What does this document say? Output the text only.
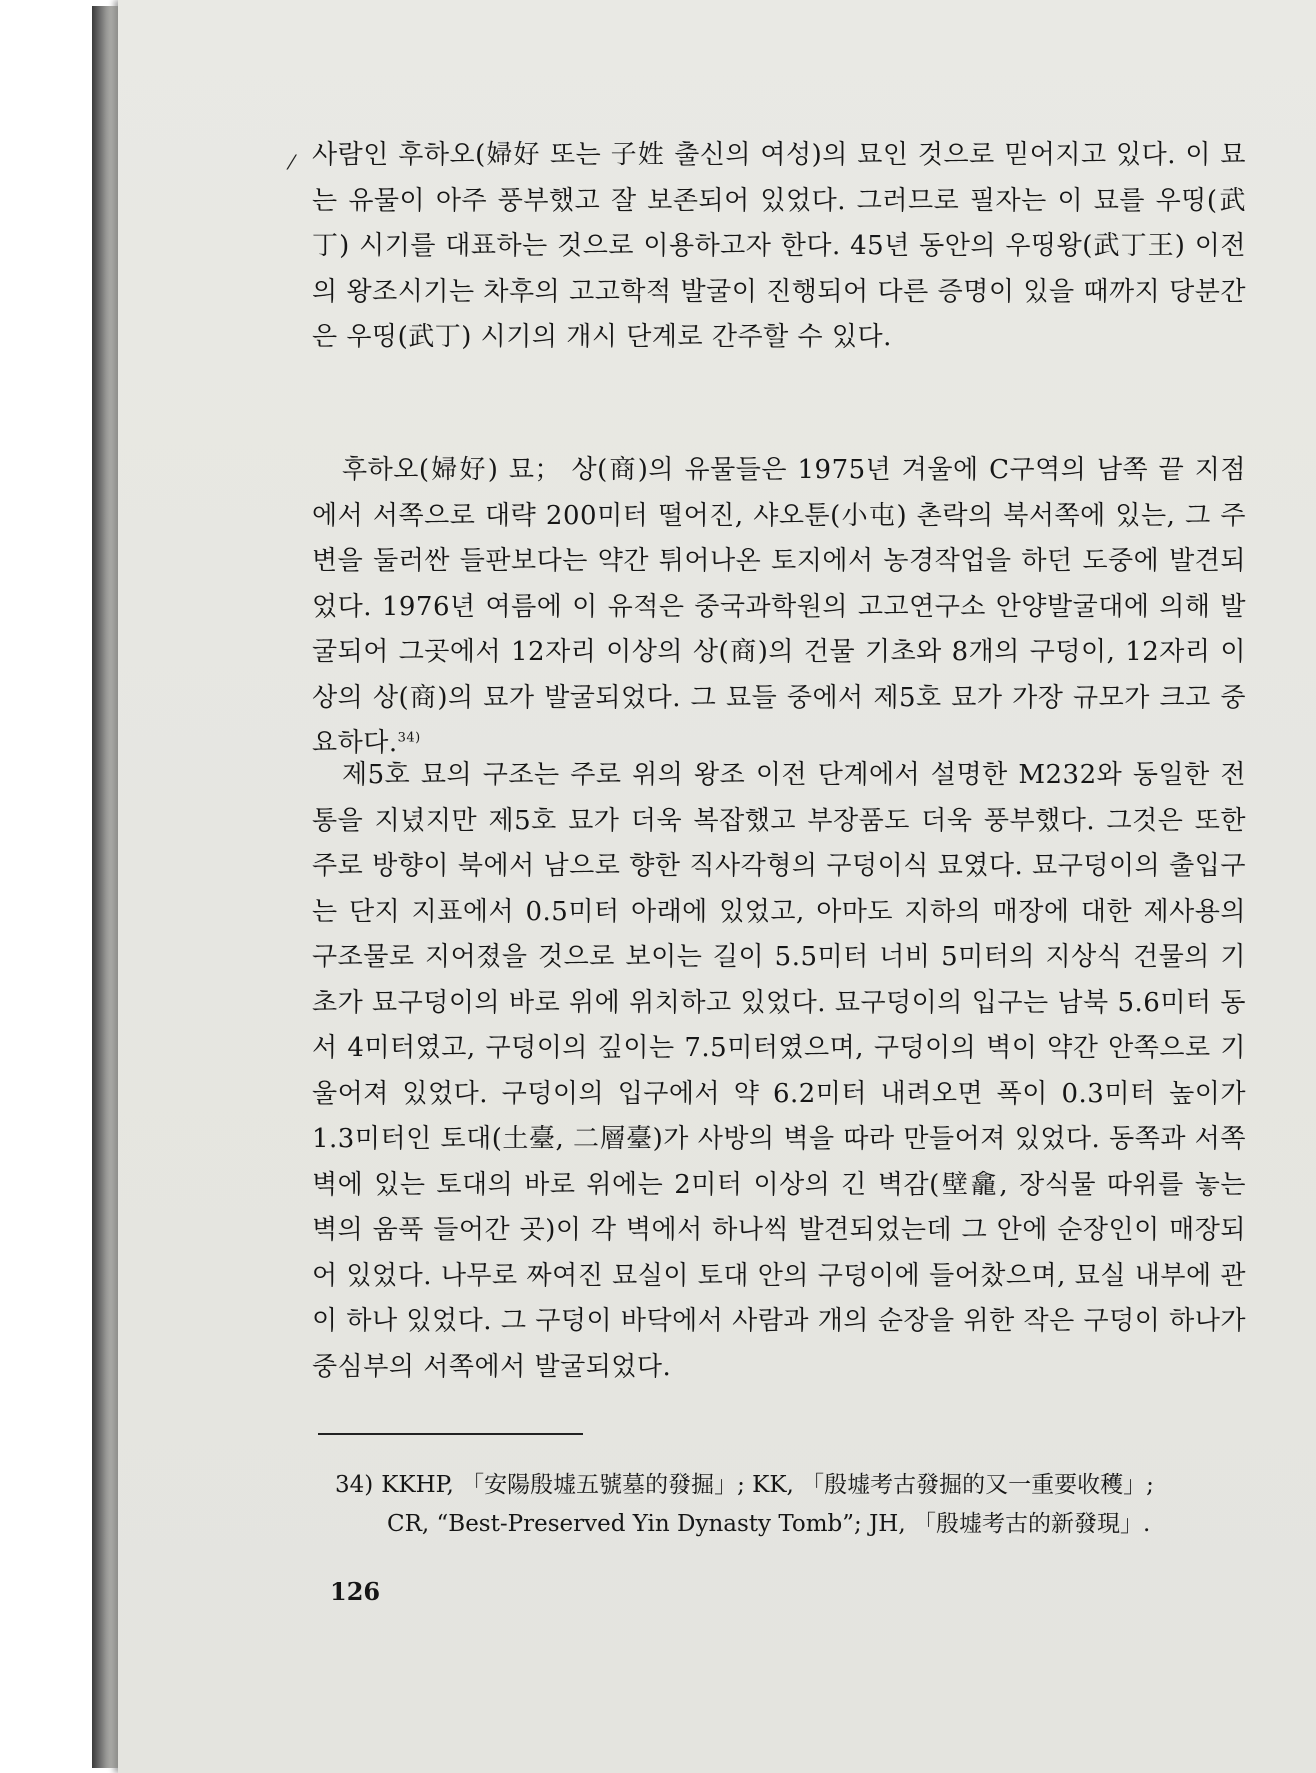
⁄ 사람인 후하오(婦好 또는 子姓 출신의 여성)의 묘인 것으로 믿어지고 있다. 이 묘는 유물이 아주 풍부했고 잘 보존되어 있었다. 그러므로 필자는 이 묘를 우띵(武丁) 시기를 대표하는 것으로 이용하고자 한다. 45년 동안의 우띵왕(武丁王) 이전의 왕조시기는 차후의 고고학적 발굴이 진행되어 다른 증명이 있을 때까지 당분간은 우띵(武丁) 시기의 개시 단계로 간주할 수 있다.

후하오(婦好) 묘； 상(商)의 유물들은 1975년 겨울에 C구역의 남쪽 끝 지점에서 서쪽으로 대략 200미터 떨어진, 샤오툰(小屯) 촌락의 북서쪽에 있는, 그 주변을 둘러싼 들판보다는 약간 튀어나온 토지에서 농경작업을 하던 도중에 발견되었다. 1976년 여름에 이 유적은 중국과학원의 고고연구소 안양발굴대에 의해 발굴되어 그곳에서 12자리 이상의 상(商)의 건물 기초와 8개의 구덩이, 12자리 이상의 상(商)의 묘가 발굴되었다. 그 묘들 중에서 제5호 묘가 가장 규모가 크고 중요하다.$^{34)}$

제5호 묘의 구조는 주로 위의 왕조 이전 단계에서 설명한 M232와 동일한 전통을 지녔지만 제5호 묘가 더욱 복잡했고 부장품도 더욱 풍부했다. 그것은 또한 주로 방향이 북에서 남으로 향한 직사각형의 구덩이식 묘였다. 묘구덩이의 출입구는 단지 지표에서 0.5미터 아래에 있었고, 아마도 지하의 매장에 대한 제사용의 구조물로 지어졌을 것으로 보이는 길이 5.5미터 너비 5미터의 지상식 건물의 기초가 묘구덩이의 바로 위에 위치하고 있었다. 묘구덩이의 입구는 남북 5.6미터 동서 4미터였고, 구덩이의 깊이는 7.5미터였으며, 구덩이의 벽이 약간 안쪽으로 기울어져 있었다. 구덩이의 입구에서 약 6.2미터 내려오면 폭이 0.3미터 높이가 1.3미터인 토대(土臺, 二層臺)가 사방의 벽을 따라 만들어져 있었다. 동쪽과 서쪽 벽에 있는 토대의 바로 위에는 2미터 이상의 긴 벽감(壁龕, 장식물 따위를 놓는 벽의 움푹 들어간 곳)이 각 벽에서 하나씩 발견되었는데 그 안에 순장인이 매장되어 있었다. 나무로 짜여진 묘실이 토대 안의 구덩이에 들어찼으며, 묘실 내부에 관이 하나 있었다. 그 구덩이 바닥에서 사람과 개의 순장을 위한 작은 구덩이 하나가 중심부의 서쪽에서 발굴되었다.

34) KKHP, 「安陽殷墟五號墓的發掘」; KK, 「殷墟考古發掘的又一重要收穫」;
CR, “Best-Preserved Yin Dynasty Tomb”; JH, 「殷墟考古的新發現」.

126
